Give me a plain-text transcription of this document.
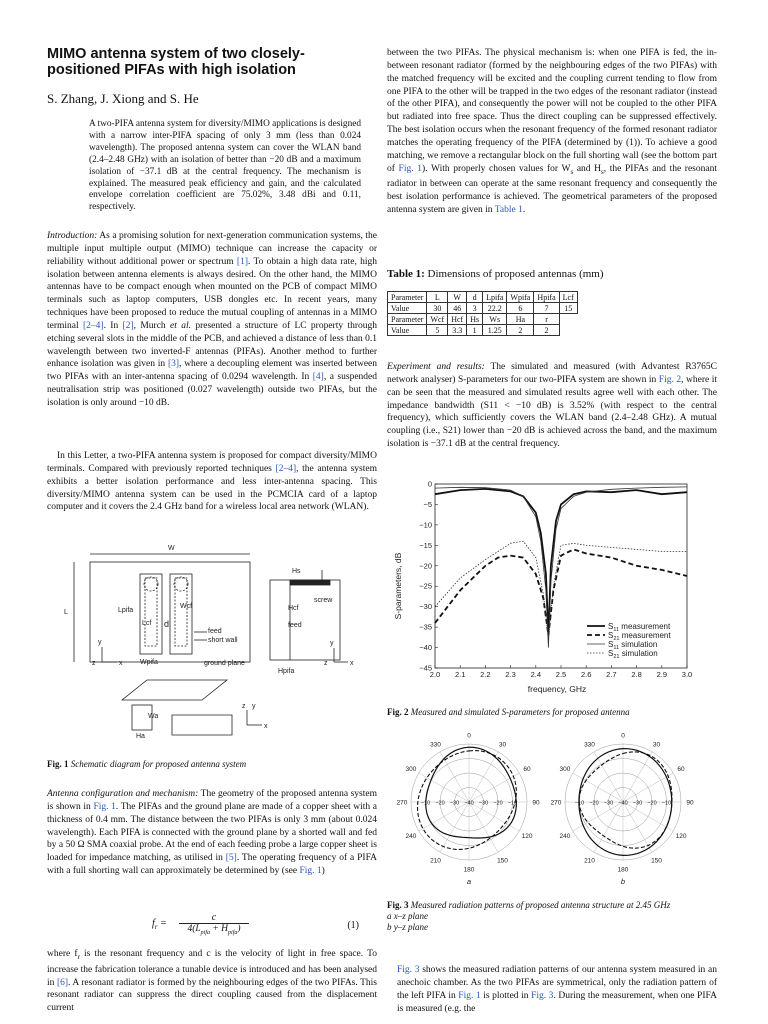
MIMO antenna system of two closely-positioned PIFAs with high isolation
S. Zhang, J. Xiong and S. He
A two-PIFA antenna system for diversity/MIMO applications is designed with a narrow inter-PIFA spacing of only 3 mm (less than 0.024 wavelength). The proposed antenna system can cover the WLAN band (2.4–2.48 GHz) with an isolation of better than −20 dB and a maximum isolation of −37.1 dB at the central frequency. The mechanism is explained. The measured peak efficiency and gain, and the calculated envelope correlation coefficient are 75.02%, 3.48 dBi and 0.11, respectively.

Introduction: As a promising solution for next-generation communication systems, the multiple input multiple output (MIMO) technique can increase the capacity or reliability without additional power or spectrum [1]. To obtain a high data rate, high isolation between antenna elements is always desired. On the other hand, the MIMO antennas have to be compact enough when mounted on the PCB of compact MIMO terminals such as laptop computers, USB dongles etc. In recent years, many techniques have been proposed to reduce the mutual coupling of antennas in a MIMO terminal [2–4]. In [2], Murch et al. presented a structure of LC property through etching several slots in the middle of the PCB, and achieved a distance of less than 0.1 wavelength between two inverted-F antennas (PIFAs). Another method to further enhance isolation was given in [3], where a decoupling element was inserted between two PIFAs with an inter-antenna spacing of 0.0294 wavelength. In [4], a suspended neutralisation strip was positioned (0.027 wavelength) outside two PIFAs, but the isolation is only around −10 dB.

In this Letter, a two-PIFA antenna system is proposed for compact diversity/MIMO terminals. Compared with previously reported techniques [2–4], the antenna system exhibits a better isolation performance and less inter-antenna spacing. This diversity/MIMO antenna system can be used in the PCMCIA card of a laptop computer and it covers the 2.4 GHz band for a wireless local area network (WLAN).

W
L	Lpifa
Wpifa
Lcf
Wcf
d
feed
short wall
ground plane
Hs
Hcf
Hpifa
screw
feed
Wa
Ha
x
y
z	x
y
z
x
y
z
Fig. 1 Schematic diagram for proposed antenna system

Antenna configuration and mechanism: The geometry of the proposed antenna system is shown in Fig. 1. The PIFAs and the ground plane are made of a copper sheet with a thickness of 0.4 mm. The distance between the two PIFAs is only 3 mm (about 0.024 wavelength). Each PIFA is connected with the ground plane by a shorted wall and fed by a 50 Ω SMA coaxial probe. At the end of each feeding probe a large copper sheet is loaded for impedance matching, as utilised in [5]. The operating frequency of a PIFA with a full shorting wall can approximately be determined by (see Fig. 1)

$f_r$ =
c
$4(L_{pifa} + H_{pifa})$	(1)

where $f_r$ is the resonant frequency and c is the velocity of light in free space. To increase the fabrication tolerance a tunable device is introduced and has been analysed in [6]. A resonant radiator is formed by the neighbouring edges of the two PIFAs. This resonant radiator can suppress the direct coupling caused from the displacement current

between the two PIFAs. The physical mechanism is: when one PIFA is fed, the in-between resonant radiator (formed by the neighbouring edges of the two PIFAs) with the matched frequency will be excited and the coupling current tending to flow from one PIFA to the other will be trapped in the two edges of the resonant radiator (instead of the other PIFA), and consequently the power will not be coupled to the other PIFA but radiated into free space. Thus the direct coupling can be suppressed effectively. The best isolation occurs when the resonant frequency of the formed resonant radiator matches the operating frequency of the PIFA (determined by (1)). To achieve a good matching, we remove a rectangular block on the full shorting wall (see the bottom part of Fig. 1). With properly chosen values for $W_s$ and $H_s$, the PIFAs and the resonant radiator in between can operate at the same resonant frequency and consequently the best isolation performance is achieved. The geometrical parameters of the proposed antenna system are given in Table 1.

Table 1: Dimensions of proposed antennas (mm)
Parameter	L	W	d	Lpifa	Wpifa	Hpifa	Lcf
Value	30	46	3	22.2	6	7	15
Parameter	Wcf	Hcf	Hs	Ws	Ha	r	
Value	5	3.3	1	1.25	2	2	

Experiment and results: The simulated and measured (with Advantest R3765C network analyser) S-parameters for our two-PIFA system are shown in Fig. 2, where it can be seen that the measured and simulated results agree well with each other. The impedance bandwidth (S11 < −10 dB) is 3.52% (with respect to the central frequency), which sufficiently covers the WLAN band (2.4–2.48 GHz). A mutual coupling (i.e., S21) lower than −20 dB is achieved across the band, and the maximum isolation is −37.1 dB at the central frequency.

S-parameters, dB
frequency, GHz
2.0 2.1 2.2 2.3 2.4 2.5 2.6 2.7 2.8 2.9 3.0
0
−5
−10
−15
−20
−25
−30
−35
−40
−45
$S_{11}$ measurement
$S_{21}$ measurement
$S_{11}$ simulation
$S_{21}$ simulation
Fig. 2 Measured and simulated S-parameters for proposed antenna
0
30
60
90
120
150
180
210
240
270
300
330
−10 −20 −30 −40 −30 −20 −10
a
0
30
60
90
120
150
180
210
240
270
300
330
−10 −20 −30 −40 −30 −20 −10
b
Fig. 3 Measured radiation patterns of proposed antenna structure at 2.45 GHz
a x–z plane
b y–z plane

Fig. 3 shows the measured radiation patterns of our antenna system measured in an anechoic chamber. As the two PIFAs are symmetrical, only the radiation pattern of the left PIFA in Fig. 1 is plotted in Fig. 3. During the measurement, when one PIFA is measured (e.g. the
